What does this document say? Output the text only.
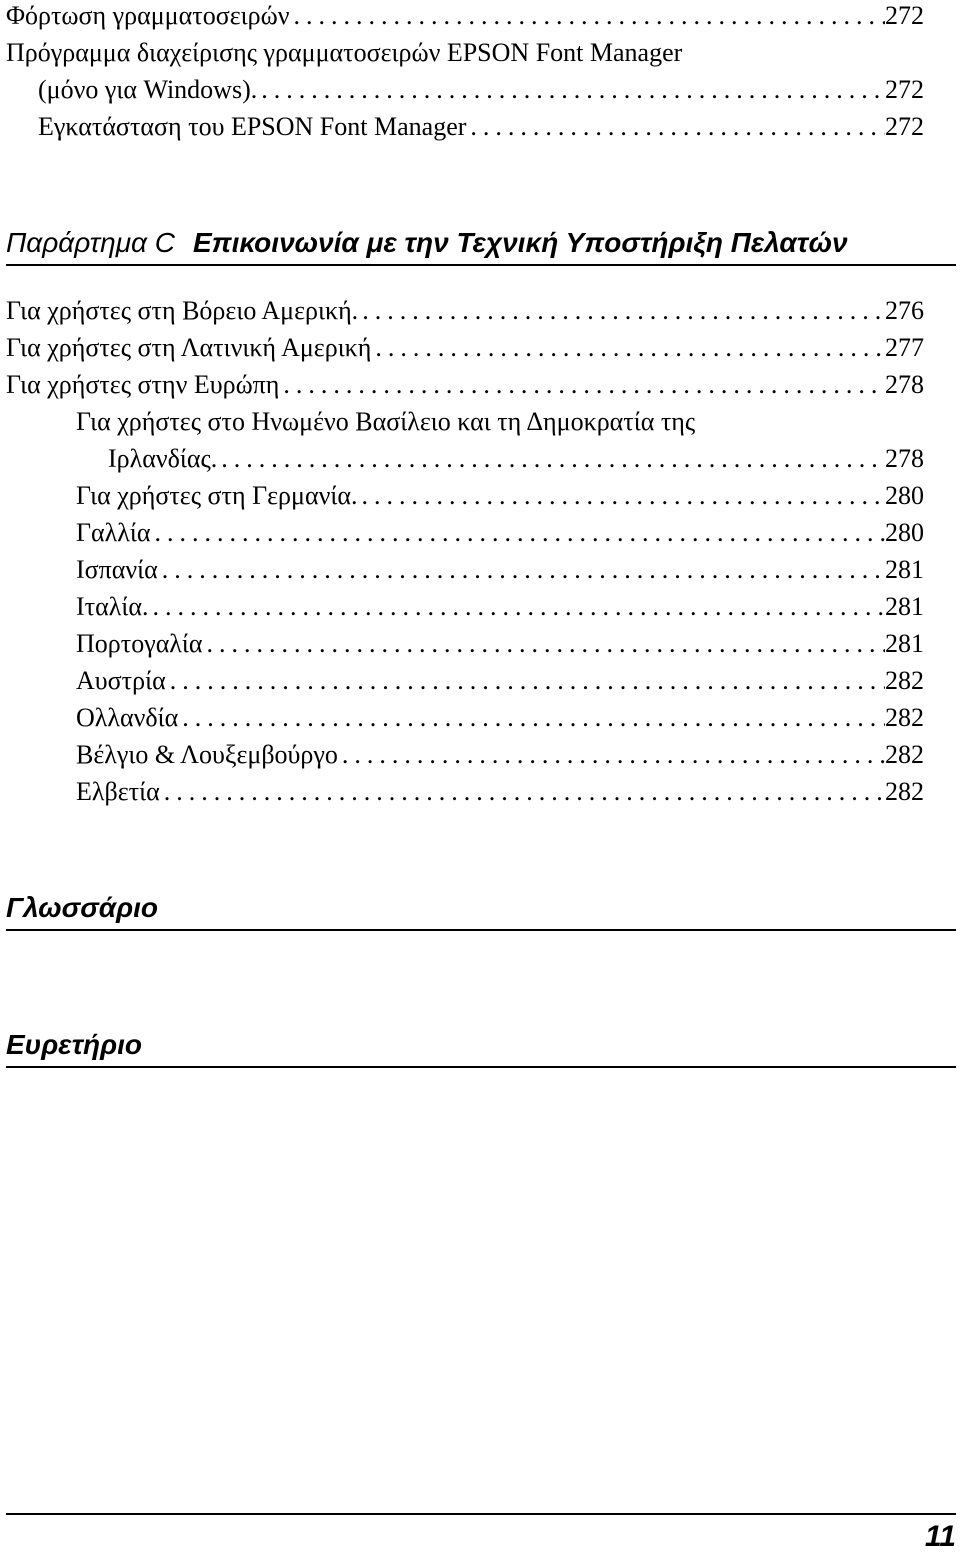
Φόρτωση γραμματοσειρών .....	272
Πρόγραμμα διαχείρισης γραμματοσειρών EPSON Font Manager
(μόνο για Windows). .....	272
Εγκατάσταση του EPSON Font Manager .....	272
Παράρτημα C Επικοινωνία με την Τεχνική Υποστήριξη Πελατών
Για χρήστες στη Βόρειο Αμερική. .....	276
Για χρήστες στη Λατινική Αμερική .....	277
Για χρήστες στην Ευρώπη .....	278
Για χρήστες στο Ηνωμένο Βασίλειο και τη Δημοκρατία της
Ιρλανδίας. .....	278
Για χρήστες στη Γερμανία. .....	280
Γαλλία .....	280
Ισπανία .....	281
Ιταλία. .....	281
Πορτογαλία .....	281
Αυστρία .....	282
Ολλανδία .....	282
Βέλγιο & Λουξεμβούργο .....	282
Ελβετία .....	282
Γλωσσάριο
Ευρετήριο
11
